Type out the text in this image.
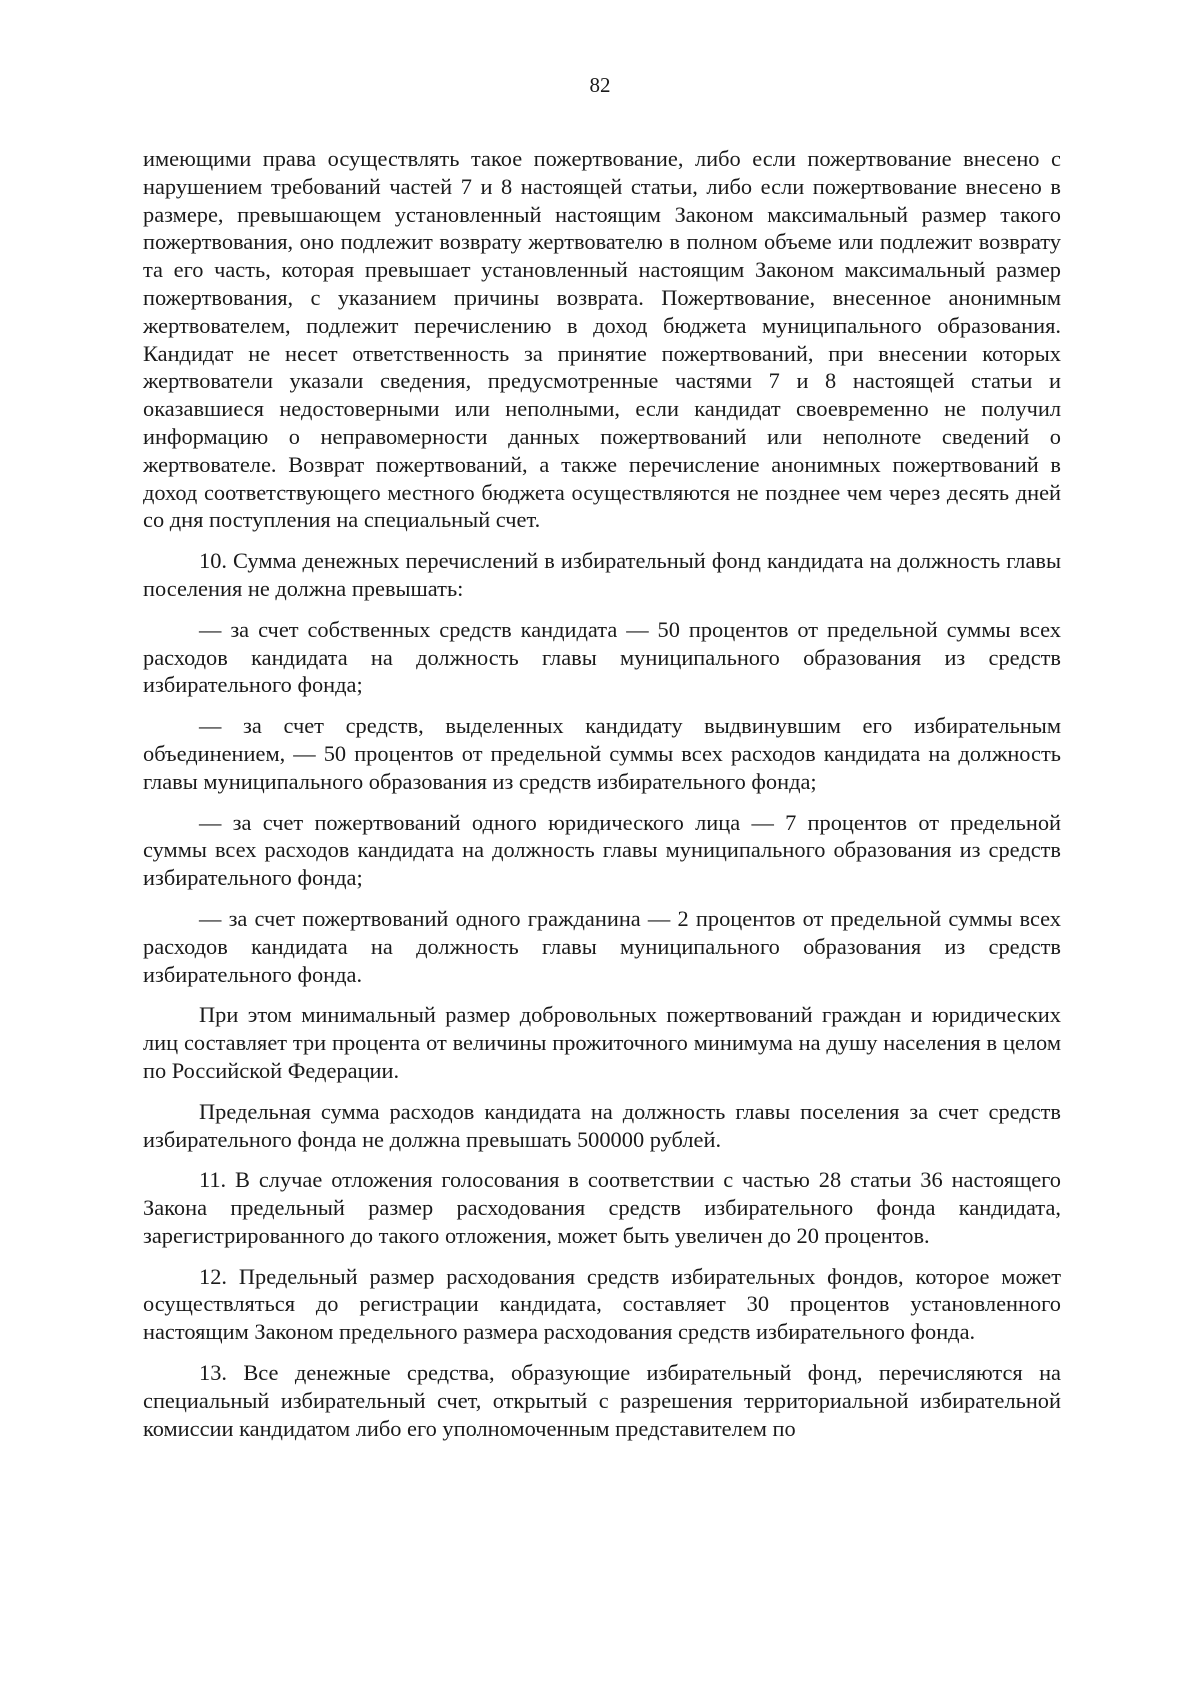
82

имеющими права осуществлять такое пожертвование, либо если пожертвование внесено с нарушением требований частей 7 и 8 настоящей статьи, либо если пожертвование внесено в размере, превышающем установленный настоящим Законом максимальный размер такого пожертвования, оно подлежит возврату жертвователю в полном объеме или подлежит возврату та его часть, которая превышает установленный настоящим Законом максимальный размер пожертвования, с указанием причины возврата. Пожертвование, внесенное анонимным жертвователем, подлежит перечислению в доход бюджета муниципального образования. Кандидат не несет ответственность за принятие пожертвований, при внесении которых жертвователи указали сведения, предусмотренные частями 7 и 8 настоящей статьи и оказавшиеся недостоверными или неполными, если кандидат своевременно не получил информацию о неправомерности данных пожертвований или неполноте сведений о жертвователе. Возврат пожертвований, а также перечисление анонимных пожертвований в доход соответствующего местного бюджета осуществляются не позднее чем через десять дней со дня поступления на специальный счет.

10. Сумма денежных перечислений в избирательный фонд кандидата на должность главы поселения не должна превышать:

— за счет собственных средств кандидата — 50 процентов от предельной суммы всех расходов кандидата на должность главы муниципального образования из средств избирательного фонда;

— за счет средств, выделенных кандидату выдвинувшим его избирательным объединением, — 50 процентов от предельной суммы всех расходов кандидата на должность главы муниципального образования из средств избирательного фонда;

— за счет пожертвований одного юридического лица — 7 процентов от предельной суммы всех расходов кандидата на должность главы муниципального образования из средств избирательного фонда;

— за счет пожертвований одного гражданина — 2 процентов от предельной суммы всех расходов кандидата на должность главы муниципального образования из средств избирательного фонда.

При этом минимальный размер добровольных пожертвований граждан и юридических лиц составляет три процента от величины прожиточного минимума на душу населения в целом по Российской Федерации.

Предельная сумма расходов кандидата на должность главы поселения за счет средств избирательного фонда не должна превышать 500000 рублей.

11. В случае отложения голосования в соответствии с частью 28 статьи 36 настоящего Закона предельный размер расходования средств избирательного фонда кандидата, зарегистрированного до такого отложения, может быть увеличен до 20 процентов.

12. Предельный размер расходования средств избирательных фондов, которое может осуществляться до регистрации кандидата, составляет 30 процентов установленного настоящим Законом предельного размера расходования средств избирательного фонда.

13. Все денежные средства, образующие избирательный фонд, перечисляются на специальный избирательный счет, открытый с разрешения территориальной избирательной комиссии кандидатом либо его уполномоченным представителем по
